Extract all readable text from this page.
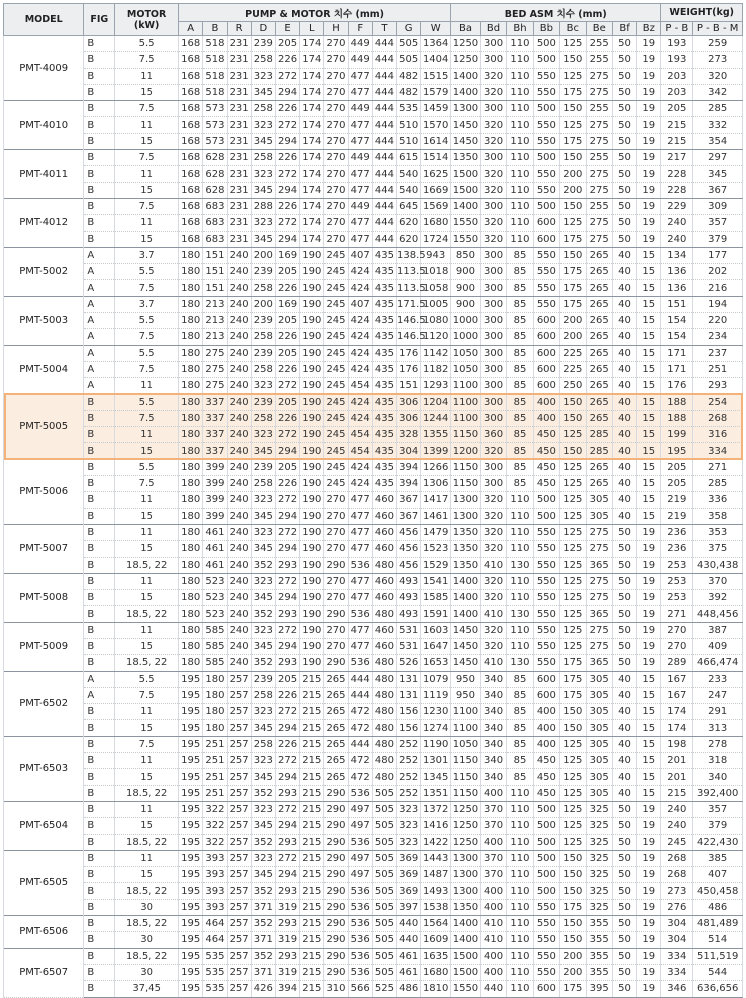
MODEL	FIG	MOTOR
(kW)	PUMP & MOTOR 치수 (mm)											BED ASM 치수 (mm)								WEIGHT(kg)	
			A	B	R	D	E	L	H	F	T	G	W	Ba	Bd	Bh	Bb	Bc	Be	Bf	Bz	P - B	P - B - M
PMT-4009	B	5.5	168	518	231	239	205	174	270	449	444	505	1364	1250	300	110	500	125	255	50	19	193	259
	B	7.5	168	518	231	258	226	174	270	449	444	505	1404	1250	300	110	500	150	255	50	19	193	273
	B	11	168	518	231	323	272	174	270	477	444	482	1515	1400	320	110	550	125	275	50	19	203	320
	B	15	168	518	231	345	294	174	270	477	444	482	1579	1400	320	110	550	175	275	50	19	203	342
PMT-4010	B	7.5	168	573	231	258	226	174	270	449	444	535	1459	1300	300	110	500	150	255	50	19	205	285
	B	11	168	573	231	323	272	174	270	477	444	510	1570	1450	320	110	550	125	275	50	19	215	332
	B	15	168	573	231	345	294	174	270	477	444	510	1614	1450	320	110	550	175	275	50	19	215	354
PMT-4011	B	7.5	168	628	231	258	226	174	270	449	444	615	1514	1350	300	110	500	150	255	50	19	217	297
	B	11	168	628	231	323	272	174	270	477	444	540	1625	1500	320	110	550	200	275	50	19	228	345
	B	15	168	628	231	345	294	174	270	477	444	540	1669	1500	320	110	550	200	275	50	19	228	367
PMT-4012	B	7.5	168	683	231	288	226	174	270	449	444	645	1569	1400	300	110	500	150	255	50	19	229	309
	B	11	168	683	231	323	272	174	270	477	444	620	1680	1550	320	110	600	125	275	50	19	240	357
	B	15	168	683	231	345	294	174	270	477	444	620	1724	1550	320	110	600	175	275	50	19	240	379
PMT-5002	A	3.7	180	151	240	200	169	190	245	407	435	138.5	943	850	300	85	550	150	265	40	15	134	177
	A	5.5	180	151	240	239	205	190	245	424	435	113.5	1018	900	300	85	550	175	265	40	15	136	202
	A	7.5	180	151	240	258	226	190	245	424	435	113.5	1058	900	300	85	550	175	265	40	15	136	216
PMT-5003	A	3.7	180	213	240	200	169	190	245	407	435	171.5	1005	900	300	85	550	175	265	40	15	151	194
	A	5.5	180	213	240	239	205	190	245	424	435	146.5	1080	1000	300	85	600	200	265	40	15	154	220
	A	7.5	180	213	240	258	226	190	245	424	435	146.5	1120	1000	300	85	600	200	265	40	15	154	234
PMT-5004	A	5.5	180	275	240	239	205	190	245	424	435	176	1142	1050	300	85	600	225	265	40	15	171	237
	A	7.5	180	275	240	258	226	190	245	424	435	176	1182	1050	300	85	600	225	265	40	15	171	251
	A	11	180	275	240	323	272	190	245	454	435	151	1293	1100	300	85	600	250	265	40	15	176	293
PMT-5005	B	5.5	180	337	240	239	205	190	245	424	435	306	1204	1100	300	85	400	150	265	40	15	188	254
	B	7.5	180	337	240	258	226	190	245	424	435	306	1244	1100	300	85	400	150	265	40	15	188	268
	B	11	180	337	240	323	272	190	245	454	435	328	1355	1150	360	85	450	125	285	40	15	199	316
	B	15	180	337	240	345	294	190	245	454	435	304	1399	1200	320	85	450	150	285	40	15	195	334
PMT-5006	B	5.5	180	399	240	239	205	190	245	424	435	394	1266	1150	300	85	450	125	265	40	15	205	271
	B	7.5	180	399	240	258	226	190	245	424	435	394	1306	1150	300	85	450	125	265	40	15	205	285
	B	11	180	399	240	323	272	190	270	477	460	367	1417	1300	320	110	500	125	305	40	15	219	336
	B	15	180	399	240	345	294	190	270	477	460	367	1461	1300	320	110	500	125	305	40	15	219	358
PMT-5007	B	11	180	461	240	323	272	190	270	477	460	456	1479	1350	320	110	550	125	275	50	19	236	353
	B	15	180	461	240	345	294	190	270	477	460	456	1523	1350	320	110	550	125	275	50	19	236	375
	B	18.5, 22	180	461	240	352	293	190	290	536	480	456	1529	1350	410	130	550	125	365	50	19	253	430,438
PMT-5008	B	11	180	523	240	323	272	190	270	477	460	493	1541	1400	320	110	550	125	275	50	19	253	370
	B	15	180	523	240	345	294	190	270	477	460	493	1585	1400	320	110	550	125	275	50	19	253	392
	B	18.5, 22	180	523	240	352	293	190	290	536	480	493	1591	1400	410	130	550	125	365	50	19	271	448,456
PMT-5009	B	11	180	585	240	323	272	190	270	477	460	531	1603	1450	320	110	550	125	275	50	19	270	387
	B	15	180	585	240	345	294	190	270	477	460	531	1647	1450	320	110	550	125	275	50	19	270	409
	B	18.5, 22	180	585	240	352	293	190	290	536	480	526	1653	1450	410	130	550	175	365	50	19	289	466,474
PMT-6502	A	5.5	195	180	257	239	205	215	265	444	480	131	1079	950	340	85	600	175	305	40	15	167	233
	A	7.5	195	180	257	258	226	215	265	444	480	131	1119	950	340	85	600	175	305	40	15	167	247
	B	11	195	180	257	323	272	215	265	472	480	156	1230	1100	340	85	400	150	305	40	15	174	291
	B	15	195	180	257	345	294	215	265	472	480	156	1274	1100	340	85	400	150	305	40	15	174	313
PMT-6503	B	7.5	195	251	257	258	226	215	265	444	480	252	1190	1050	340	85	400	125	305	40	15	198	278
	B	11	195	251	257	323	272	215	265	472	480	252	1301	1150	340	85	450	125	305	40	15	201	318
	B	15	195	251	257	345	294	215	265	472	480	252	1345	1150	340	85	450	125	305	40	15	201	340
	B	18.5, 22	195	251	257	352	293	215	290	536	505	252	1351	1150	400	110	450	125	305	40	15	215	392,400
PMT-6504	B	11	195	322	257	323	272	215	290	497	505	323	1372	1250	370	110	500	125	325	50	19	240	357
	B	15	195	322	257	345	294	215	290	497	505	323	1416	1250	370	110	500	125	325	50	19	240	379
	B	18.5, 22	195	322	257	352	293	215	290	536	505	323	1422	1250	400	110	500	125	325	50	19	245	422,430
PMT-6505	B	11	195	393	257	323	272	215	290	497	505	369	1443	1300	370	110	500	150	325	50	19	268	385
	B	15	195	393	257	345	294	215	290	497	505	369	1487	1300	370	110	500	150	325	50	19	268	407
	B	18.5, 22	195	393	257	352	293	215	290	536	505	369	1493	1300	400	110	500	150	325	50	19	273	450,458
	B	30	195	393	257	371	319	215	290	536	505	397	1538	1350	400	110	550	175	325	50	19	276	486
PMT-6506	B	18.5, 22	195	464	257	352	293	215	290	536	505	440	1564	1400	410	110	550	150	355	50	19	304	481,489
	B	30	195	464	257	371	319	215	290	536	505	440	1609	1400	410	110	550	150	355	50	19	304	514
PMT-6507	B	18.5, 22	195	535	257	352	293	215	290	536	505	461	1635	1500	400	110	550	200	355	50	19	334	511,519
	B	30	195	535	257	371	319	215	290	536	505	461	1680	1500	400	110	550	200	355	50	19	334	544
	B	37,45	195	535	257	426	394	215	310	566	525	486	1810	1550	440	110	600	175	395	50	19	346	636,656
